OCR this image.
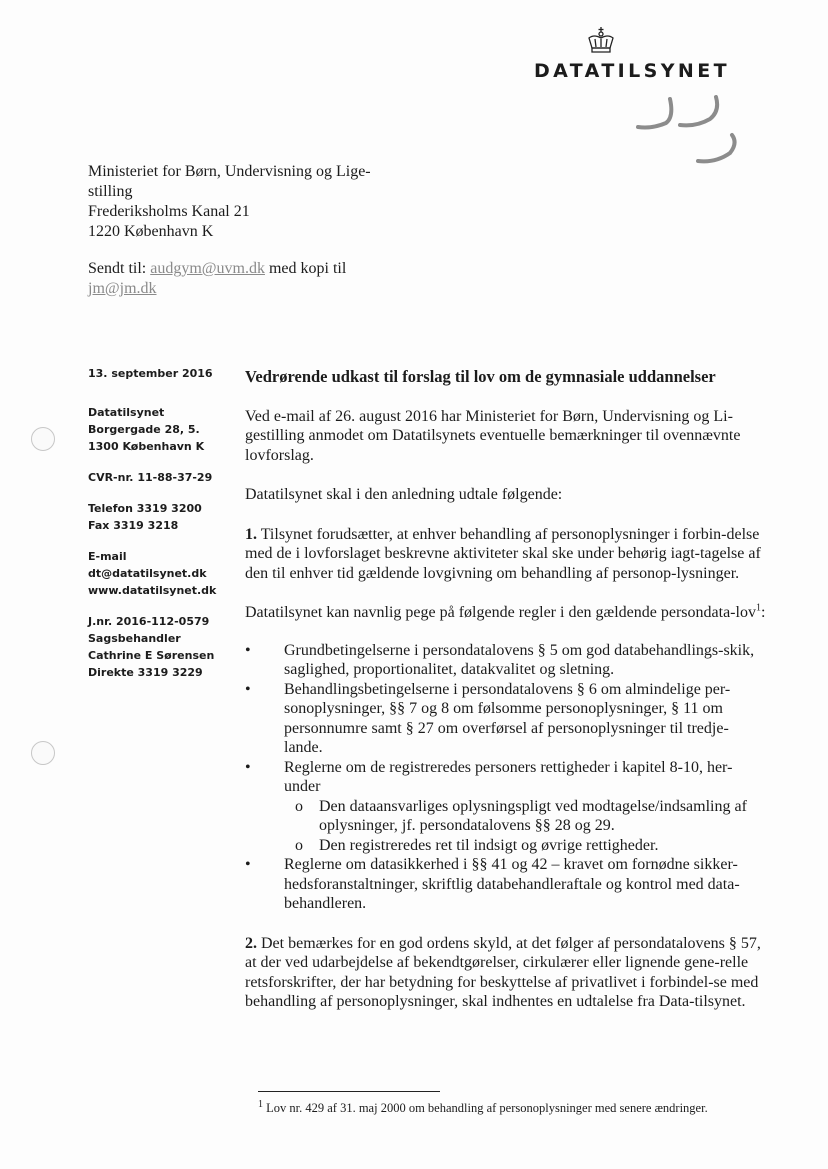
DATATILSYNET
Ministeriet for Børn, Undervisning og Lige-
stilling
Frederiksholms Kanal 21
1220 København K
Sendt til: audgym@uvm.dk med kopi til
jm@jm.dk
13. september 2016
Datatilsynet
Borgergade 28, 5.
1300 København K
CVR-nr. 11-88-37-29
Telefon 3319 3200
Fax 3319 3218
E-mail
dt@datatilsynet.dk
www.datatilsynet.dk
J.nr. 2016-112-0579
Sagsbehandler
Cathrine E Sørensen
Direkte 3319 3229
Vedrørende udkast til forslag til lov om de gymnasiale uddannelser

Ved e-mail af 26. august 2016 har Ministeriet for Børn, Undervisning og Li-gestilling anmodet om Datatilsynets eventuelle bemærkninger til ovennævnte lovforslag.

Datatilsynet skal i den anledning udtale følgende:

1. Tilsynet forudsætter, at enhver behandling af personoplysninger i forbin-delse med de i lovforslaget beskrevne aktiviteter skal ske under behørig iagt-tagelse af den til enhver tid gældende lovgivning om behandling af personop-lysninger.

Datatilsynet kan navnlig pege på følgende regler i den gældende persondata-lov$^1$:

•	Grundbetingelserne i persondatalovens § 5 om god databehandlings-skik, saglighed, proportionalitet, datakvalitet og sletning.
•	Behandlingsbetingelserne i persondatalovens § 6 om almindelige per-sonoplysninger, §§ 7 og 8 om følsomme personoplysninger, § 11 om personnumre samt § 27 om overførsel af personoplysninger til tredje-lande.
•	Reglerne om de registreredes personers rettigheder i kapitel 8-10, her-under
o Den dataansvarliges oplysningspligt ved modtagelse/indsamling af oplysninger, jf. persondatalovens §§ 28 og 29.
o Den registreredes ret til indsigt og øvrige rettigheder.
•	Reglerne om datasikkerhed i §§ 41 og 42 – kravet om fornødne sikker-hedsforanstaltninger, skriftlig databehandleraftale og kontrol med data-behandleren.

2. Det bemærkes for en god ordens skyld, at det følger af persondatalovens § 57, at der ved udarbejdelse af bekendtgørelser, cirkulærer eller lignende gene-relle retsforskrifter, der har betydning for beskyttelse af privatlivet i forbindel-se med behandling af personoplysninger, skal indhentes en udtalelse fra Data-tilsynet.

$^1$ Lov nr. 429 af 31. maj 2000 om behandling af personoplysninger med senere ændringer.
